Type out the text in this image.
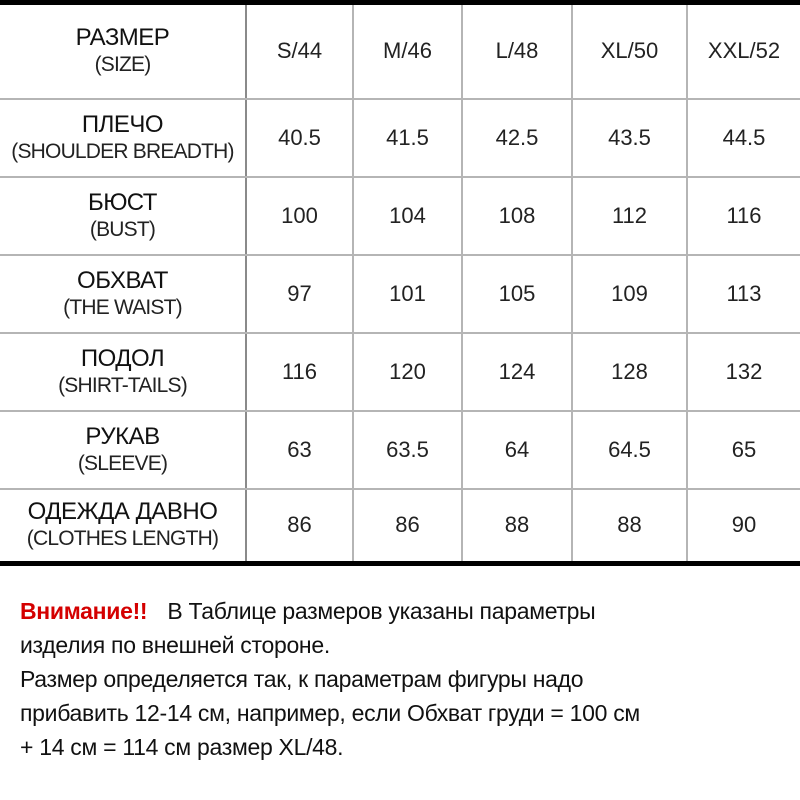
РАЗМЕР
(SIZE)	S/44	M/46	L/48	XL/50	XXL/52

ПЛЕЧО
(SHOULDER BREADTH)	40.5	41.5	42.5	43.5	44.5

БЮСТ
(BUST)	100	104	108	112	116

ОБХВАТ
(THE WAIST)	97	101	105	109	113

ПОДОЛ
(SHIRT-TAILS)	116	120	124	128	132

РУКАВ
(SLEEVE)	63	63.5	64	64.5	65

ОДЕЖДА ДАВНО
(CLOTHES LENGTH)	86	86	88	88	90

Внимание!! В Таблице размеров указаны параметры

изделия по внешней стороне.

Размер определяется так, к параметрам фигуры надо

прибавить 12-14 см, например, если Обхват груди = 100 см

+ 14 см = 114 см размер XL/48.
